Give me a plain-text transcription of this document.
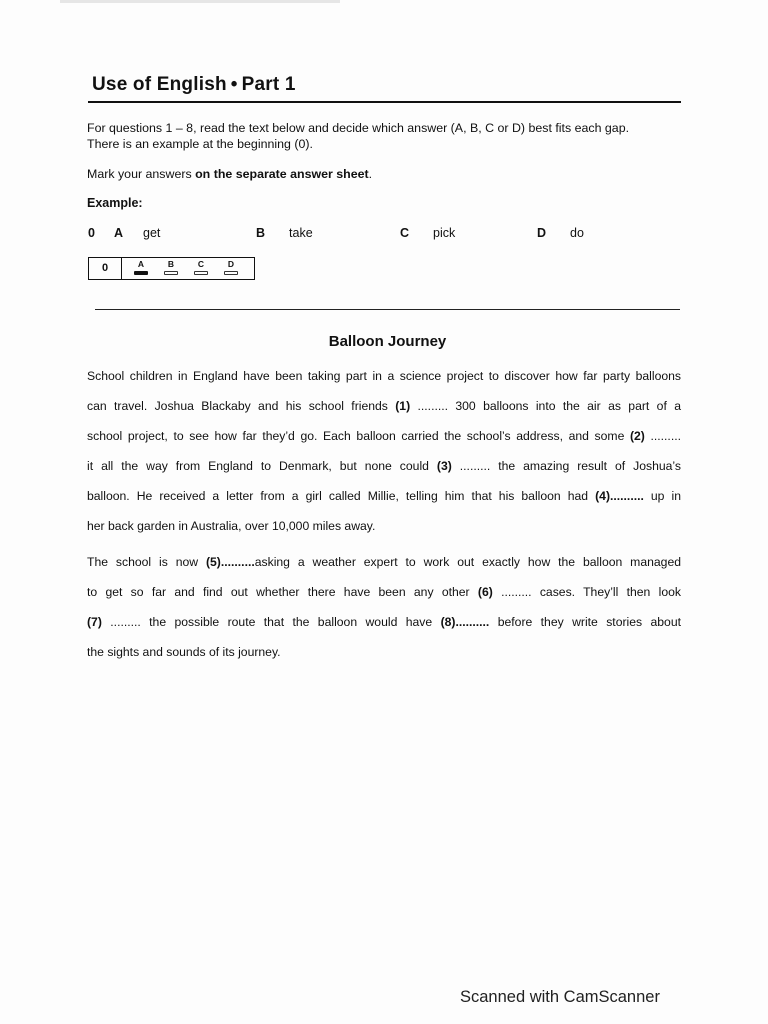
Use of English • Part 1
For questions 1 – 8, read the text below and decide which answer (A, B, C or D) best fits each gap.
There is an example at the beginning (0).
Mark your answers on the separate answer sheet.
Example:
0 A get	B take	C pick	D do
0	A	B	C	D
Balloon Journey
School children in England have been taking part in a science project to discover how far party balloons
can travel. Joshua Blackaby and his school friends (1) ......... 300 balloons into the air as part of a
school project, to see how far they’d go. Each balloon carried the school’s address, and some (2) .........
it all the way from England to Denmark, but none could (3) ......... the amazing result of Joshua’s
balloon. He received a letter from a girl called Millie, telling him that his balloon had (4).......... up in
her back garden in Australia, over 10,000 miles away.
The school is now (5)..........asking a weather expert to work out exactly how the balloon managed
to get so far and find out whether there have been any other (6) ......... cases. They’ll then look
(7) ......... the possible route that the balloon would have (8).......... before they write stories about
the sights and sounds of its journey.
Scanned with CamScanner
